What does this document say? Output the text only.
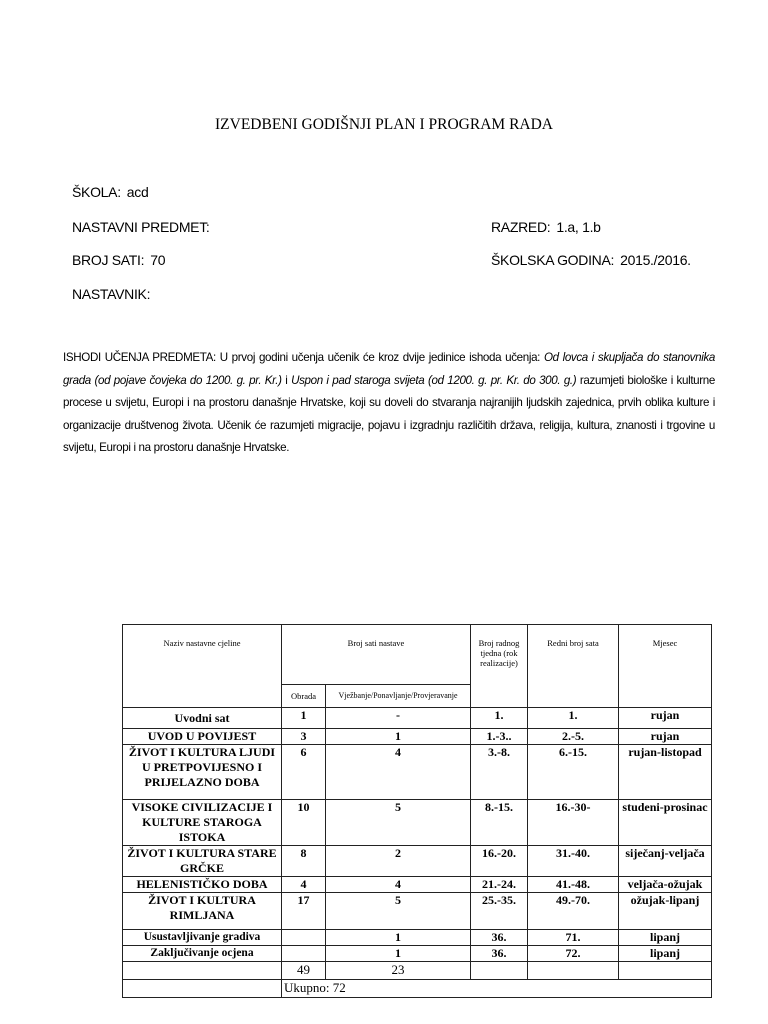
IZVEDBENI GODIŠNJI PLAN I PROGRAM RADA
ŠKOLA: acd
NASTAVNI PREDMET:	RAZRED: 1.a, 1.b
BROJ SATI: 70	ŠKOLSKA GODINA: 2015./2016.
NASTAVNIK:
ISHODI UČENJA PREDMETA: U prvoj godini učenja učenik će kroz dvije jedinice ishoda učenja: Od lovca i skupljača do stanovnika grada (od pojave čovjeka do 1200. g. pr. Kr.) i Uspon i pad staroga svijeta (od 1200. g. pr. Kr. do 300. g.) razumjeti biološke i kulturne procese u svijetu, Europi i na prostoru današnje Hrvatske, koji su doveli do stvaranja najranijih ljudskih zajednica, prvih oblika kulture i organizacije društvenog života. Učenik će razumjeti migracije, pojavu i izgradnju različitih država, religija, kultura, znanosti i trgovine u svijetu, Europi i na prostoru današnje Hrvatske.
Naziv nastavne cjeline	Broj sati nastave		Broj radnog tjedna (rok realizacije)	Redni broj sata	Mjesec
	Obrada	Vježbanje/Ponavljanje/Provjeravanje			
Uvodni sat	1	-	1.	1.	rujan
UVOD U POVIJEST	3	1	1.-3..	2.-5.	rujan
ŽIVOT I KULTURA LJUDI U PRETPOVIJESNO I PRIJELAZNO DOBA	6	4	3.-8.	6.-15.	rujan-listopad
VISOKE CIVILIZACIJE I KULTURE STAROGA ISTOKA	10	5	8.-15.	16.-30-	studeni-prosinac
ŽIVOT I KULTURA STARE GRČKE	8	2	16.-20.	31.-40.	siječanj-veljača
HELENISTIČKO DOBA	4	4	21.-24.	41.-48.	veljača-ožujak
ŽIVOT I KULTURA RIMLJANA	17	5	25.-35.	49.-70.	ožujak-lipanj
Usustavljivanje gradiva		1	36.	71.	lipanj
Zaključivanje ocjena		1	36.	72.	lipanj
	49	23			
	Ukupno: 72				
